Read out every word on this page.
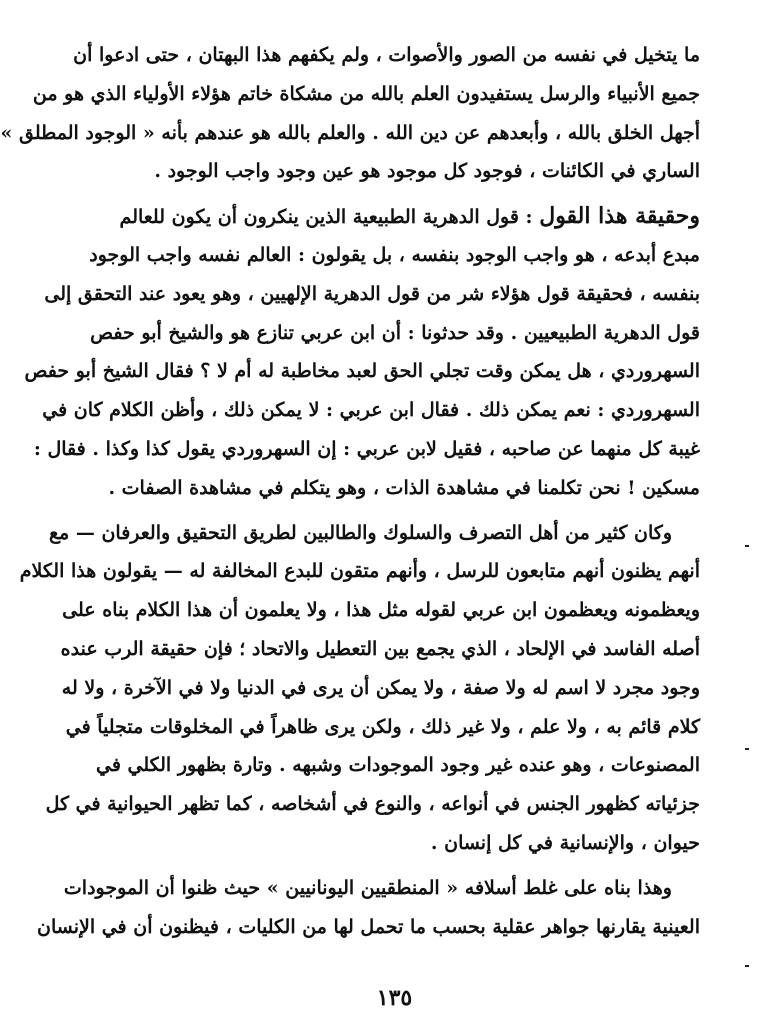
ما يتخيل في نفسه من الصور والأصوات ، ولم يكفهم هذا البهتان ، حتى ادعوا أن
جميع الأنبياء والرسل يستفيدون العلم بالله من مشكاة خاتم هؤلاء الأولياء الذي هو من
أجهل الخلق بالله ، وأبعدهم عن دين الله . والعلم بالله هو عندهم بأنه « الوجود المطلق »
الساري في الكائنات ، فوجود كل موجود هو عين وجود واجب الوجود .
وحقيقة هذا القول : قول الدهرية الطبيعية الذين ينكرون أن يكون للعالم
مبدع أبدعه ، هو واجب الوجود بنفسه ، بل يقولون : العالم نفسه واجب الوجود
بنفسه ، فحقيقة قول هؤلاء شر من قول الدهرية الإلهيين ، وهو يعود عند التحقق إلى
قول الدهرية الطبيعيين . وقد حدثونا : أن ابن عربي تنازع هو والشيخ أبو حفص
السهروردي ، هل يمكن وقت تجلي الحق لعبد مخاطبة له أم لا ؟ فقال الشيخ أبو حفص
السهروردي : نعم يمكن ذلك . فقال ابن عربي : لا يمكن ذلك ، وأظن الكلام كان في
غيبة كل منهما عن صاحبه ، فقيل لابن عربي : إن السهروردي يقول كذا وكذا . فقال :
مسكين ! نحن تكلمنا في مشاهدة الذات ، وهو يتكلم في مشاهدة الصفات .
وكان كثير من أهل التصرف والسلوك والطالبين لطريق التحقيق والعرفان — مع
أنهم يظنون أنهم متابعون للرسل ، وأنهم متقون للبدع المخالفة له — يقولون هذا الكلام
ويعظمونه ويعظمون ابن عربي لقوله مثل هذا ، ولا يعلمون أن هذا الكلام بناه على
أصله الفاسد في الإلحاد ، الذي يجمع بين التعطيل والاتحاد ؛ فإن حقيقة الرب عنده
وجود مجرد لا اسم له ولا صفة ، ولا يمكن أن يرى في الدنيا ولا في الآخرة ، ولا له
كلام قائم به ، ولا علم ، ولا غير ذلك ، ولكن يرى ظاهراً في المخلوقات متجلياً في
المصنوعات ، وهو عنده غير وجود الموجودات وشبهه . وتارة بظهور الكلي في
جزئياته كظهور الجنس في أنواعه ، والنوع في أشخاصه ، كما تظهر الحيوانية في كل
حيوان ، والإنسانية في كل إنسان .
وهذا بناه على غلط أسلافه « المنطقيين اليونانيين » حيث ظنوا أن الموجودات
العينية يقارنها جواهر عقلية بحسب ما تحمل لها من الكليات ، فيظنون أن في الإنسان
١٣٥
